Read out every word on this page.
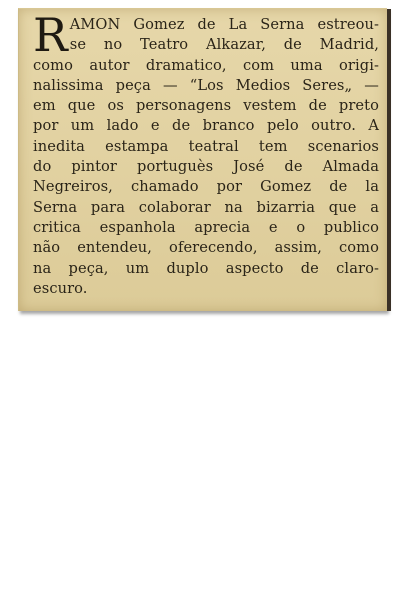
R AMON Gomez de La Serna estreou-
se no Teatro Alkazar, de Madrid,
como autor dramatico, com uma origi-
nalissima peça — “Los Medios Seres„ —
em que os personagens vestem de preto
por um lado e de branco pelo outro. A
inedita estampa teatral tem scenarios
do pintor portuguès José de Almada
Negreiros, chamado por Gomez de la
Serna para colaborar na bizarria que a
critica espanhola aprecia e o publico
não entendeu, oferecendo, assim, como
na peça, um duplo aspecto de claro-
escuro.
